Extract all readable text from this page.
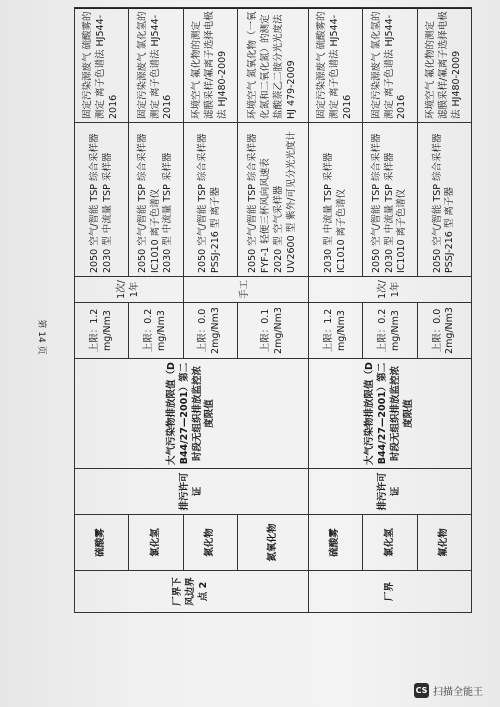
第 14 页
厂界下风边界点 2	硫酸雾	排污许可证	大气污染物排放限值（DB44/27—2001）第二时段无组织排放监控浓度限值	上限：1.2mg/Nm3	1次/1年	2050 空气/智能 TSP 综合采样器
2030 型 中流量 TSP 采样器	固定污染源废气 硫酸雾的测定 离子色谱法 HJ544-2016
	氯化氢			上限：0.2mg/Nm3		2050 空气/智能 TSP 综合采样器
IC1010 离子色谱仪
2030 型 中流量 TSP 采样器	固定污染源废气 氯化氢的测定 离子色谱法 HJ544-2016
	氮化物			上限：0.02mg/Nm3	手工	2050 空气/智能 TSP 综合采样器
PSSJ-216 型 离子器	环境空气 氟化物的测定 滤膜采样/氟离子选择电极法 HJ480-2009
	氮氧化物			上限：0.12mg/Nm3		2050 空气/智能 TSP 综合采样器
FYF-1 轻便三杯风向风速表
2020 型 空气采样器
UV2600 型 紫外/可见分光光度计	环境空气 氮氧化物（一氧化氮和二氧化氮）的测定 盐酸萘乙二胺分光光度法 HJ 479-2009
厂界	硫酸雾	排污许可证	大气污染物排放限值（DB44/27—2001）第二时段无组织排放监控浓度限值	上限：1.2mg/Nm3	1次/1年	2030 型 中流量 TSP 采样器
IC1010 离子色谱仪	固定污染源废气 硫酸雾的测定 离子色谱法 HJ544-2016
	氯化氢			上限：0.2mg/Nm3		2050 空气/智能 TSP 综合采样器
2030 型 中流量 TSP 采样器
IC1010 离子色谱仪	固定污染源废气 氯化氢的测定 离子色谱法 HJ544-2016
	氟化物			上限：0.02mg/Nm3		2050 空气/智能 TSP 综合采样器
PSSJ-216 型 离子器	环境空气 氟化物的测定 滤膜采样/氟离子选择电极法 HJ480-2009
CS 扫描全能王
